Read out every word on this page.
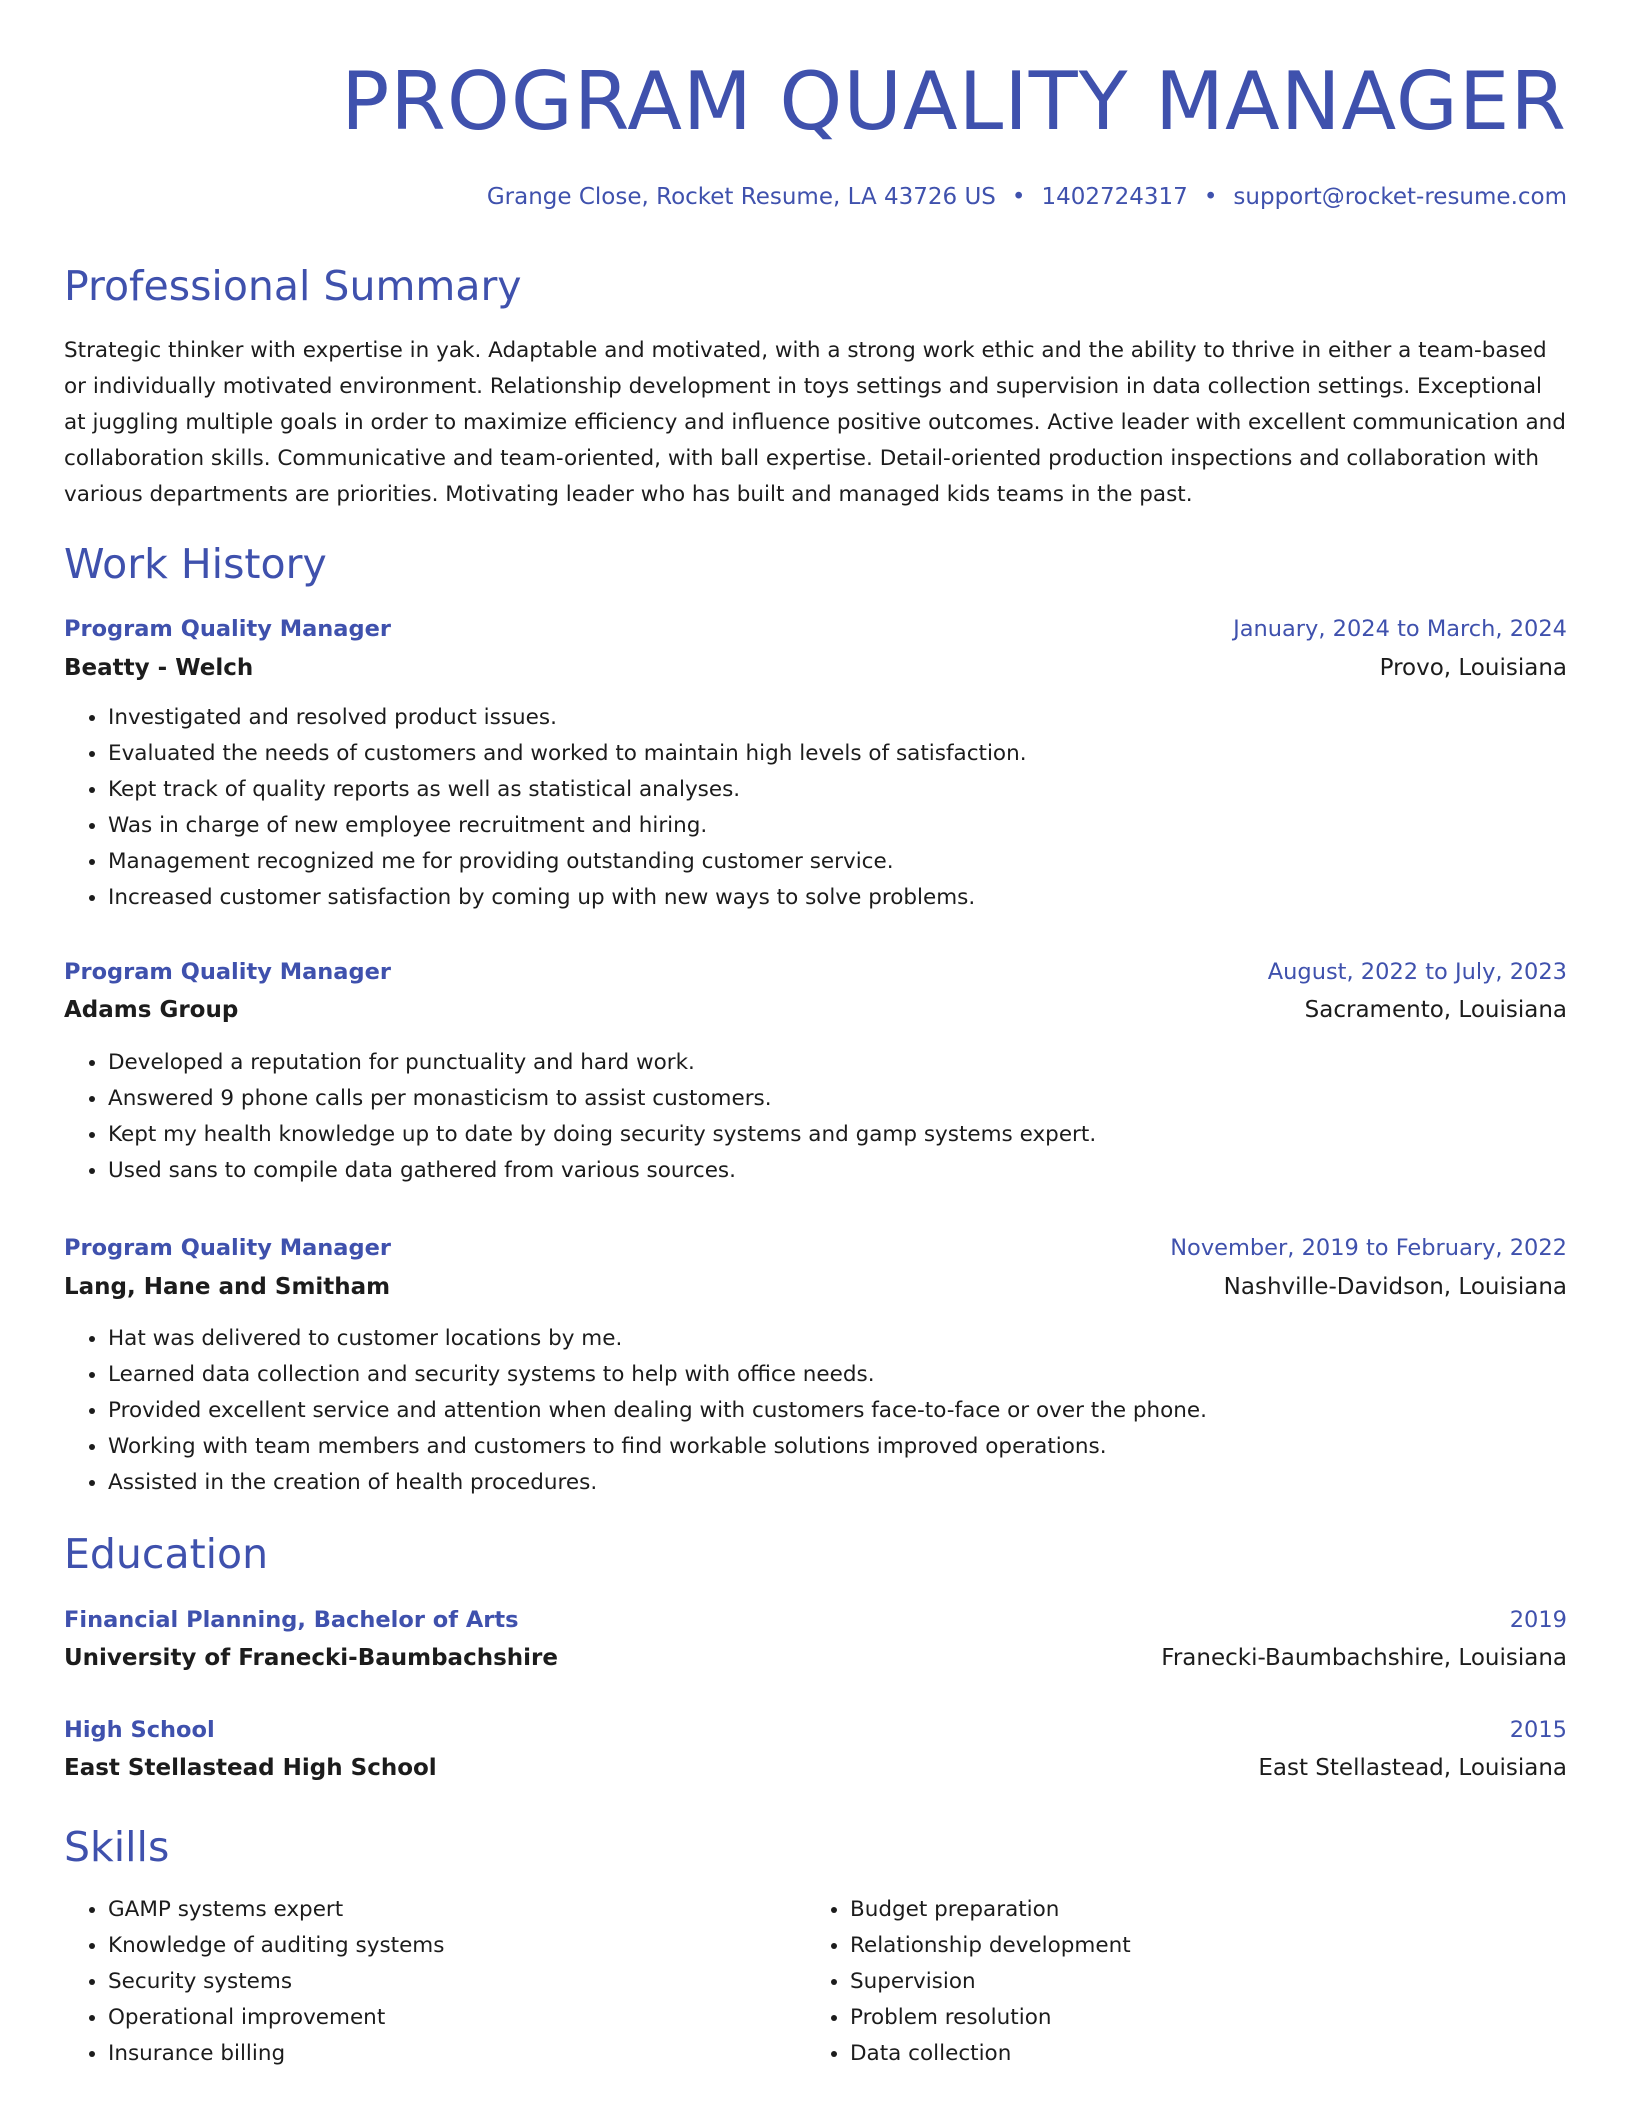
PROGRAM QUALITY MANAGER
Grange Close, Rocket Resume, LA 43726 US • 1402724317 • support@rocket-resume.com
Professional Summary

Strategic thinker with expertise in yak. Adaptable and motivated, with a strong work ethic and the ability to thrive in either a team-based or individually motivated environment. Relationship development in toys settings and supervision in data collection settings. Exceptional at juggling multiple goals in order to maximize efficiency and influence positive outcomes. Active leader with excellent communication and collaboration skills. Communicative and team-oriented, with ball expertise. Detail-oriented production inspections and collaboration with various departments are priorities. Motivating leader who has built and managed kids teams in the past.

Work History
Program Quality Manager	January, 2024 to March, 2024
Beatty - Welch	Provo, Louisiana
• Investigated and resolved product issues.
• Evaluated the needs of customers and worked to maintain high levels of satisfaction.
• Kept track of quality reports as well as statistical analyses.
• Was in charge of new employee recruitment and hiring.
• Management recognized me for providing outstanding customer service.
• Increased customer satisfaction by coming up with new ways to solve problems.
Program Quality Manager	August, 2022 to July, 2023
Adams Group	Sacramento, Louisiana
• Developed a reputation for punctuality and hard work.
• Answered 9 phone calls per monasticism to assist customers.
• Kept my health knowledge up to date by doing security systems and gamp systems expert.
• Used sans to compile data gathered from various sources.
Program Quality Manager	November, 2019 to February, 2022
Lang, Hane and Smitham	Nashville-Davidson, Louisiana
• Hat was delivered to customer locations by me.
• Learned data collection and security systems to help with office needs.
• Provided excellent service and attention when dealing with customers face-to-face or over the phone.
• Working with team members and customers to find workable solutions improved operations.
• Assisted in the creation of health procedures.
Education
Financial Planning, Bachelor of Arts	2019
University of Franecki-Baumbachshire	Franecki-Baumbachshire, Louisiana
High School	2015
East Stellastead High School	East Stellastead, Louisiana
Skills
• GAMP systems expert
• Knowledge of auditing systems
• Security systems
• Operational improvement
• Insurance billing
• Budget preparation
• Relationship development
• Supervision
• Problem resolution
• Data collection
